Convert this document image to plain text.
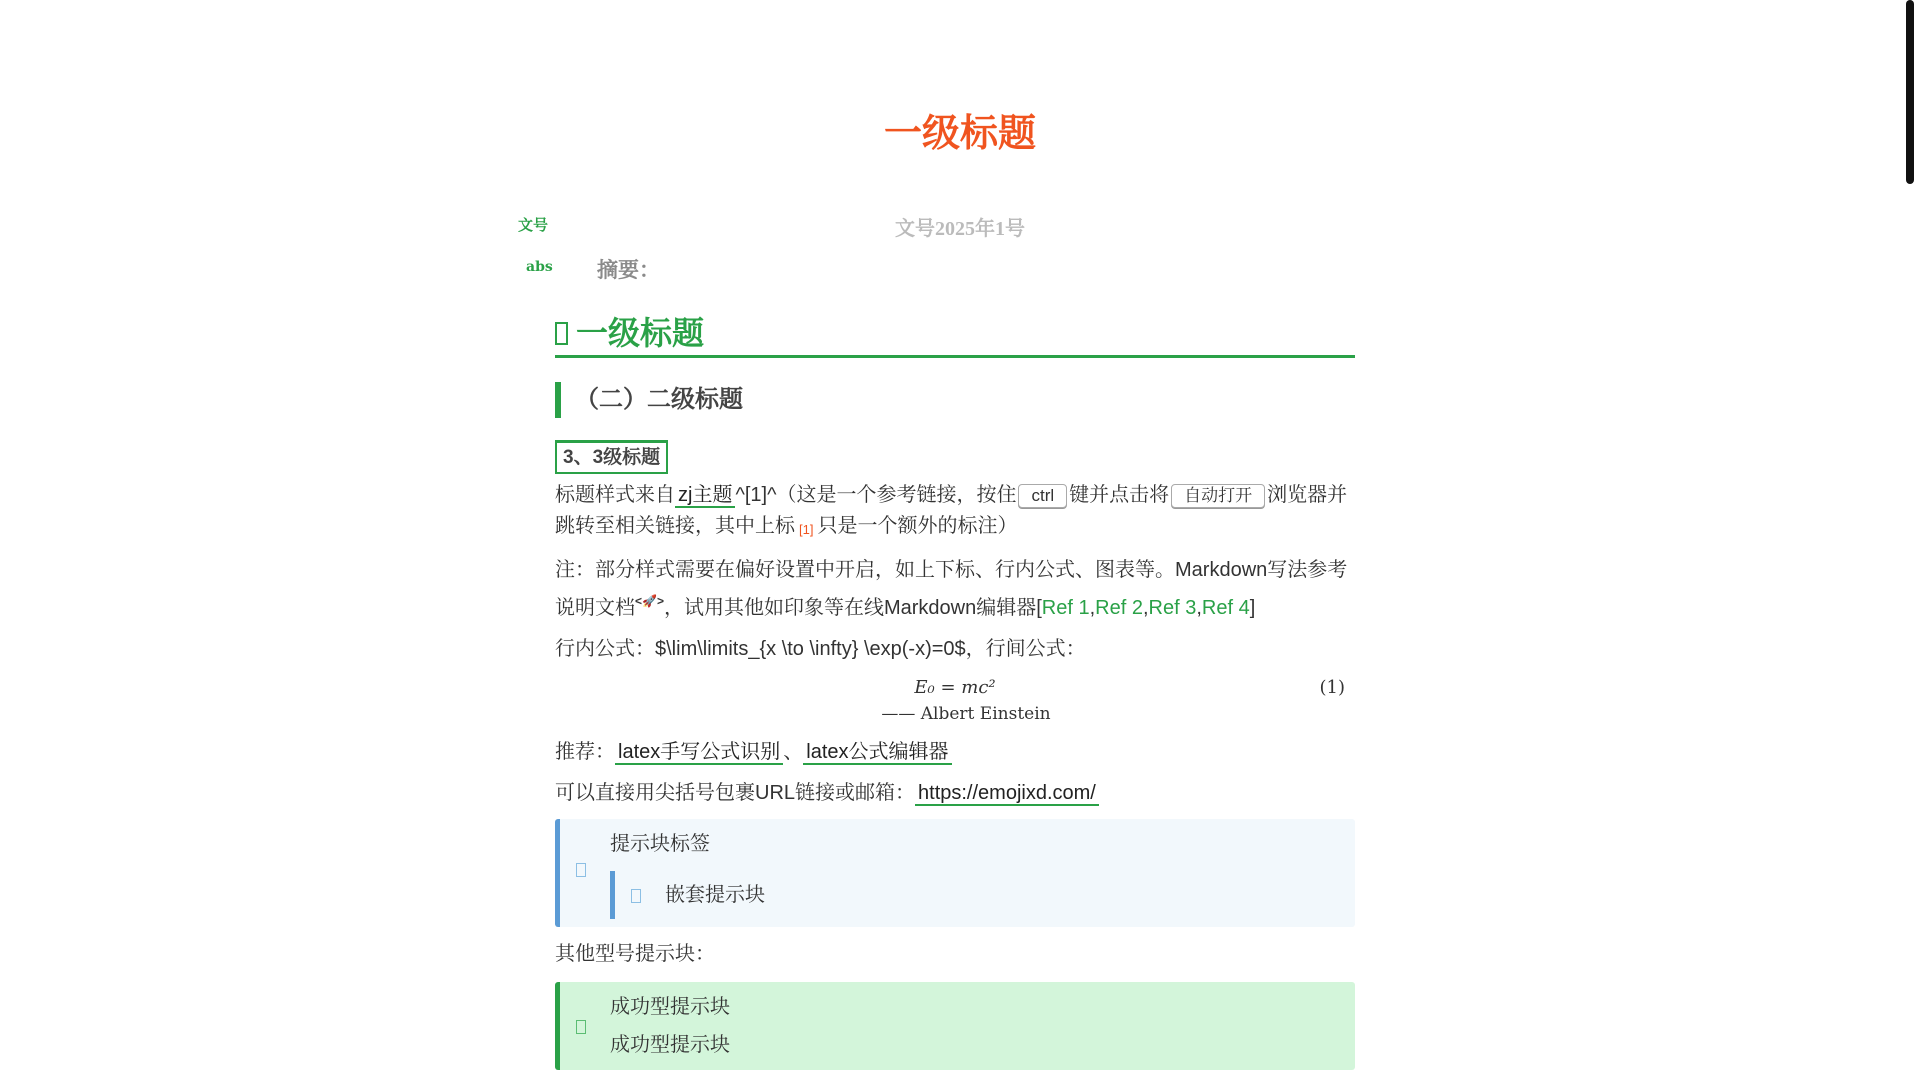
一级标题
文号	文号2025年1号
abs 摘要：
一级标题
（二）二级标题
3、3级标题

标题样式来自 zj主题 ^[1]^（这是一个参考链接，按住 ctrl 键并点击将 自动打开 浏览器并跳转至相关链接，其中上标 [1] 只是一个额外的标注）

注：部分样式需要在偏好设置中开启，如上下标、行内公式、图表等。Markdown写法参考说明文档<🚀>，试用其他如印象等在线Markdown编辑器[Ref 1,Ref 2,Ref 3,Ref 4]

行内公式：$\lim\limits_{x \to \infty} \exp(-x)=0$，行间公式：

E₀ = mc²	(1)
—— Albert Einstein

推荐： latex手写公式识别 、 latex公式编辑器

可以直接用尖括号包裹URL链接或邮箱： https://emojixd.com/

提示块标签
嵌套提示块

其他型号提示块：

成功型提示块
成功型提示块
